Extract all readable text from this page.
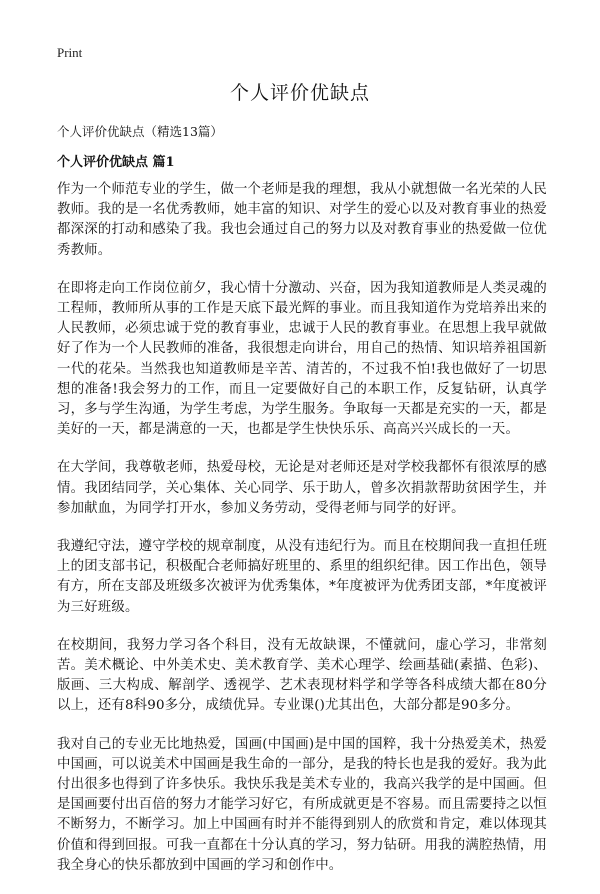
Print
个人评价优缺点
个人评价优缺点（精选13篇）
个人评价优缺点 篇1

作为一个师范专业的学生，做一个老师是我的理想，我从小就想做一名光荣的人民教师。我的是一名优秀教师，她丰富的知识、对学生的爱心以及对教育事业的热爱都深深的打动和感染了我。我也会通过自己的努力以及对教育事业的热爱做一位优秀教师。

在即将走向工作岗位前夕，我心情十分激动、兴奋，因为我知道教师是人类灵魂的工程师，教师所从事的工作是天底下最光辉的事业。而且我知道作为党培养出来的人民教师，必须忠诚于党的教育事业，忠诚于人民的教育事业。在思想上我早就做好了作为一个人民教师的准备，我很想走向讲台，用自己的热情、知识培养祖国新一代的花朵。当然我也知道教师是辛苦、清苦的，不过我不怕!我也做好了一切思想的准备!我会努力的工作，而且一定要做好自己的本职工作，反复钻研，认真学习，多与学生沟通，为学生考虑，为学生服务。争取每一天都是充实的一天，都是美好的一天，都是满意的一天，也都是学生快快乐乐、高高兴兴成长的一天。

在大学间，我尊敬老师，热爱母校，无论是对老师还是对学校我都怀有很浓厚的感情。我团结同学，关心集体、关心同学、乐于助人，曾多次捐款帮助贫困学生，并参加献血，为同学打开水，参加义务劳动，受得老师与同学的好评。

我遵纪守法，遵守学校的规章制度，从没有违纪行为。而且在校期间我一直担任班上的团支部书记，积极配合老师搞好班里的、系里的组织纪律。因工作出色，领导有方，所在支部及班级多次被评为优秀集体，*年度被评为优秀团支部，*年度被评为三好班级。

在校期间，我努力学习各个科目，没有无故缺课，不懂就问，虚心学习，非常刻苦。美术概论、中外美术史、美术教育学、美术心理学、绘画基础(素描、色彩)、版画、三大构成、解剖学、透视学、艺术表现材料学和学等各科成绩大都在80分以上，还有8科90多分，成绩优异。专业课()尤其出色，大部分都是90多分。

我对自己的专业无比地热爱，国画(中国画)是中国的国粹，我十分热爱美术，热爱中国画，可以说美术中国画是我生命的一部分，是我的特长也是我的爱好。我为此付出很多也得到了许多快乐。我快乐我是美术专业的，我高兴我学的是中国画。但是国画要付出百倍的努力才能学习好它，有所成就更是不容易。而且需要持之以恒不断努力，不断学习。加上中国画有时并不能得到别人的欣赏和肯定，难以体现其价值和得到回报。可我一直都在十分认真的学习，努力钻研。用我的满腔热情，用我全身心的快乐都放到中国画的学习和创作中。
